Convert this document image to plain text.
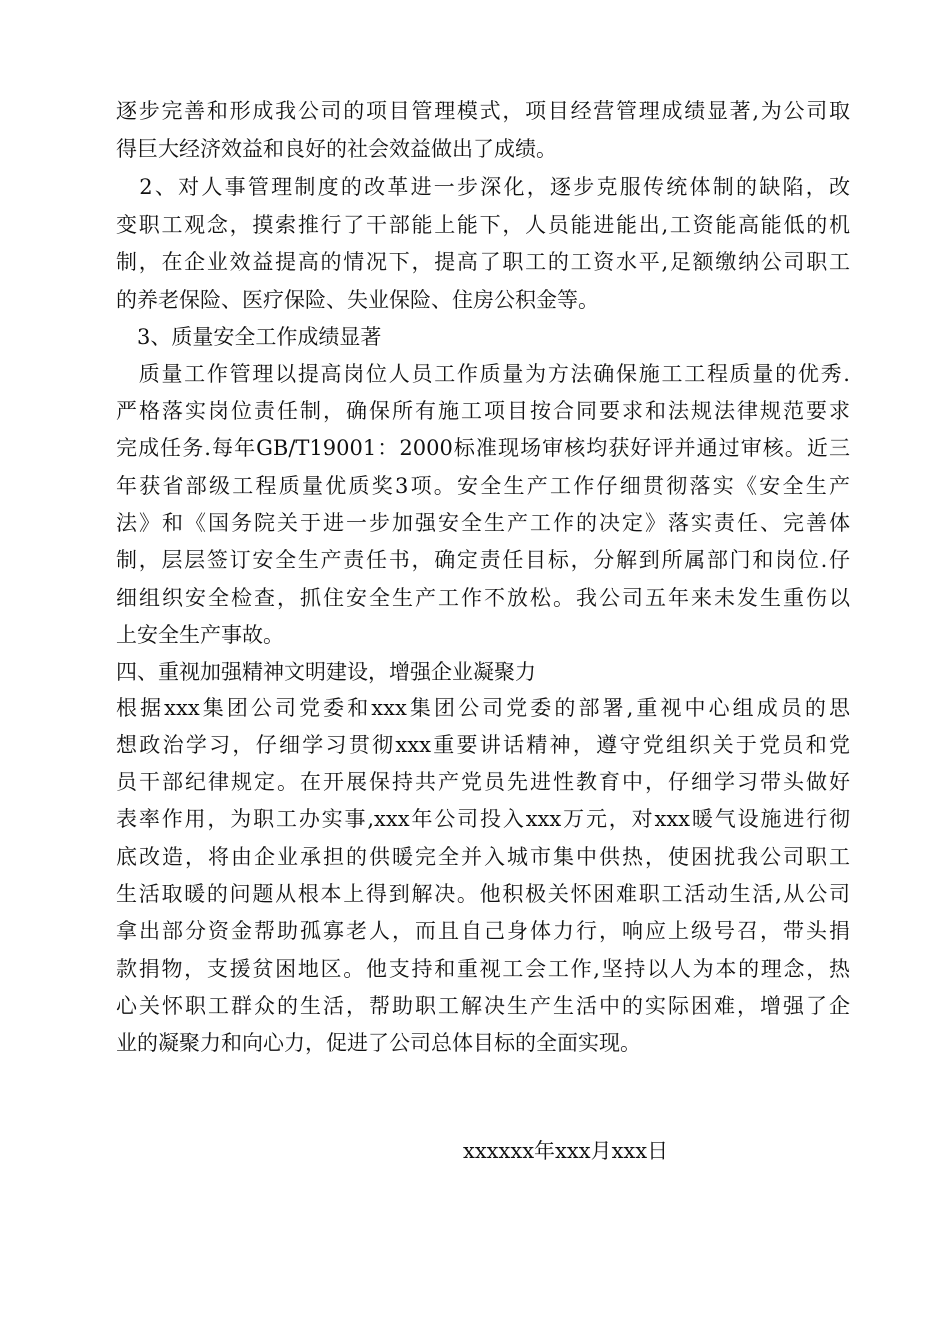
逐步完善和形成我公司的项目管理模式，项目经营管理成绩显著,为公司取
得巨大经济效益和良好的社会效益做出了成绩。
　2、对人事管理制度的改革进一步深化，逐步克服传统体制的缺陷，改
变职工观念，摸索推行了干部能上能下，人员能进能出,工资能高能低的机
制，在企业效益提高的情况下，提高了职工的工资水平,足额缴纳公司职工
的养老保险、医疗保险、失业保险、住房公积金等。
　3、质量安全工作成绩显著
　质量工作管理以提高岗位人员工作质量为方法确保施工工程质量的优秀.
严格落实岗位责任制，确保所有施工项目按合同要求和法规法律规范要求
完成任务.每年GB/T19001：2000标准现场审核均获好评并通过审核。近三
年获省部级工程质量优质奖3项。安全生产工作仔细贯彻落实《安全生产
法》和《国务院关于进一步加强安全生产工作的决定》落实责任、完善体
制，层层签订安全生产责任书，确定责任目标，分解到所属部门和岗位.仔
细组织安全检查，抓住安全生产工作不放松。我公司五年来未发生重伤以
上安全生产事故。
四、重视加强精神文明建设，增强企业凝聚力
根据xxx集团公司党委和xxx集团公司党委的部署,重视中心组成员的思
想政治学习，仔细学习贯彻xxx重要讲话精神，遵守党组织关于党员和党
员干部纪律规定。在开展保持共产党员先进性教育中，仔细学习带头做好
表率作用，为职工办实事,xxx年公司投入xxx万元，对xxx暖气设施进行彻
底改造，将由企业承担的供暖完全并入城市集中供热，使困扰我公司职工
生活取暖的问题从根本上得到解决。他积极关怀困难职工活动生活,从公司
拿出部分资金帮助孤寡老人，而且自己身体力行，响应上级号召，带头捐
款捐物，支援贫困地区。他支持和重视工会工作,坚持以人为本的理念，热
心关怀职工群众的生活，帮助职工解决生产生活中的实际困难，增强了企
业的凝聚力和向心力，促进了公司总体目标的全面实现。
xxxxxx年xxx月xxx日
